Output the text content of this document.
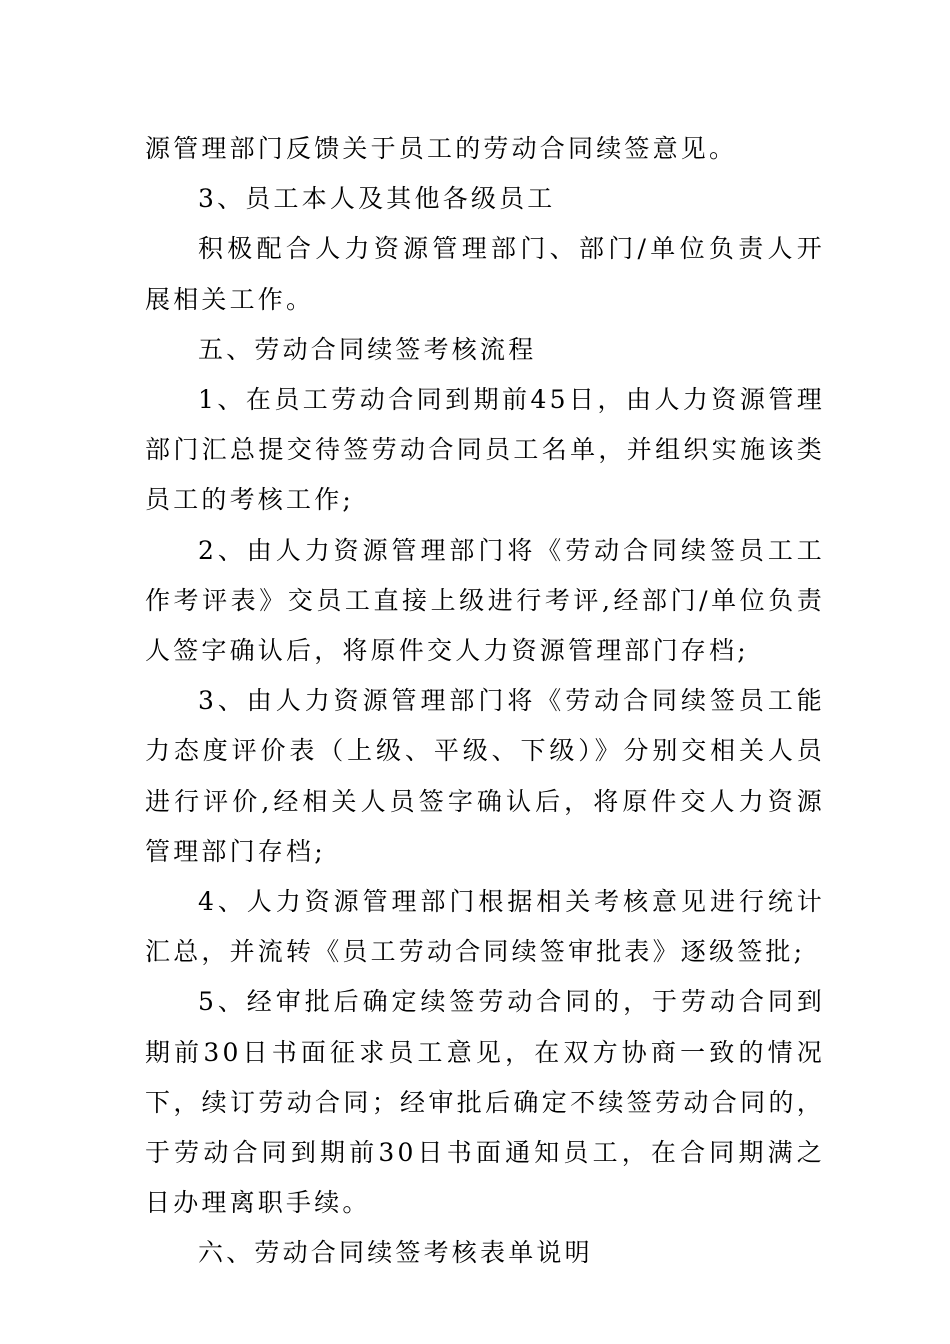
源管理部门反馈关于员工的劳动合同续签意见。

3、员工本人及其他各级员工

积极配合人力资源管理部门、部门/单位负责人开展相关工作。

五、劳动合同续签考核流程

1、在员工劳动合同到期前45日，由人力资源管理部门汇总提交待签劳动合同员工名单，并组织实施该类员工的考核工作;

2、由人力资源管理部门将《劳动合同续签员工工作考评表》交员工直接上级进行考评,经部门/单位负责人签字确认后，将原件交人力资源管理部门存档;

3、由人力资源管理部门将《劳动合同续签员工能力态度评价表（上级、平级、下级）》分别交相关人员进行评价,经相关人员签字确认后，将原件交人力资源管理部门存档;

4、人力资源管理部门根据相关考核意见进行统计汇总，并流转《员工劳动合同续签审批表》逐级签批;

5、经审批后确定续签劳动合同的，于劳动合同到期前30日书面征求员工意见，在双方协商一致的情况下，续订劳动合同；经审批后确定不续签劳动合同的，于劳动合同到期前30日书面通知员工，在合同期满之日办理离职手续。

六、劳动合同续签考核表单说明
